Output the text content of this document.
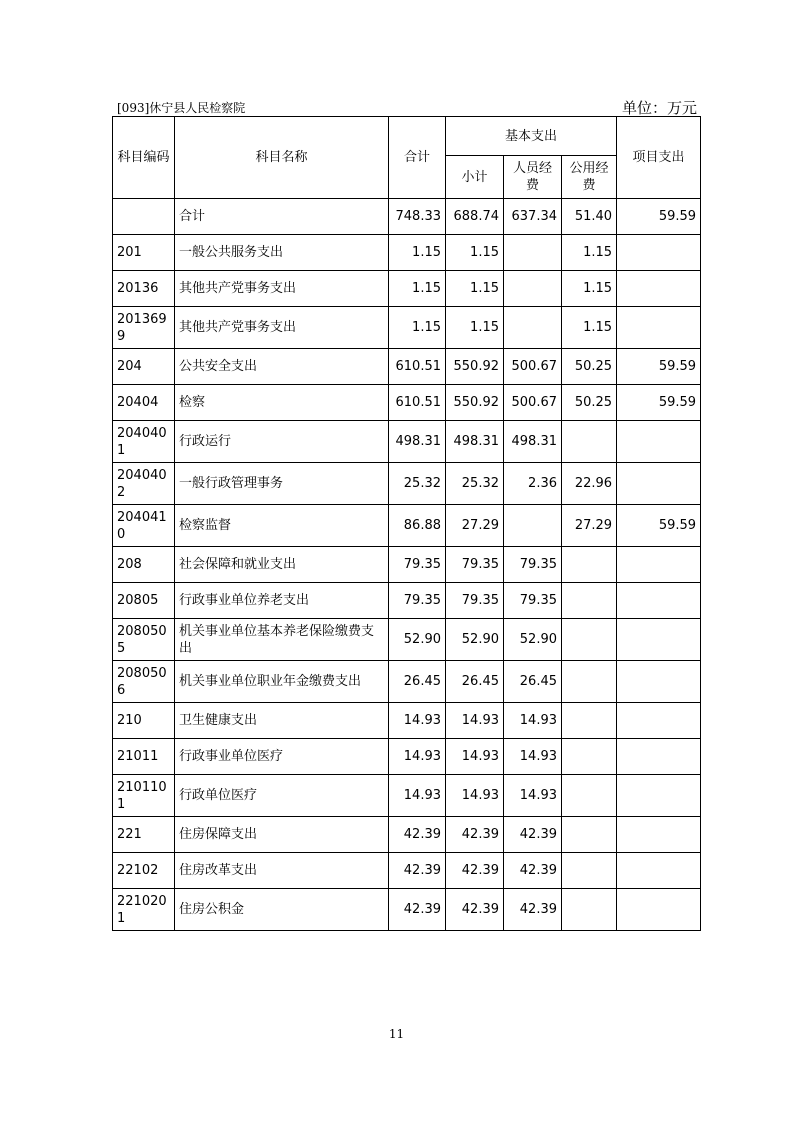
[093]休宁县人民检察院	单位：万元
科目编码	科目名称	合计	基本支出			项目支出
			小计	人员经费	公用经费	
	合计	748.33	688.74	637.34	51.40	59.59
201	一般公共服务支出	1.15	1.15		1.15	
20136	其他共产党事务支出	1.15	1.15		1.15	
2013699	其他共产党事务支出	1.15	1.15		1.15	
204	公共安全支出	610.51	550.92	500.67	50.25	59.59
20404	检察	610.51	550.92	500.67	50.25	59.59
2040401	行政运行	498.31	498.31	498.31		
2040402	一般行政管理事务	25.32	25.32	2.36	22.96	
2040410	检察监督	86.88	27.29		27.29	59.59
208	社会保障和就业支出	79.35	79.35	79.35		
20805	行政事业单位养老支出	79.35	79.35	79.35		
2080505	机关事业单位基本养老保险缴费支出	52.90	52.90	52.90		
2080506	机关事业单位职业年金缴费支出	26.45	26.45	26.45		
210	卫生健康支出	14.93	14.93	14.93		
21011	行政事业单位医疗	14.93	14.93	14.93		
2101101	行政单位医疗	14.93	14.93	14.93		
221	住房保障支出	42.39	42.39	42.39		
22102	住房改革支出	42.39	42.39	42.39		
2210201	住房公积金	42.39	42.39	42.39		
11
